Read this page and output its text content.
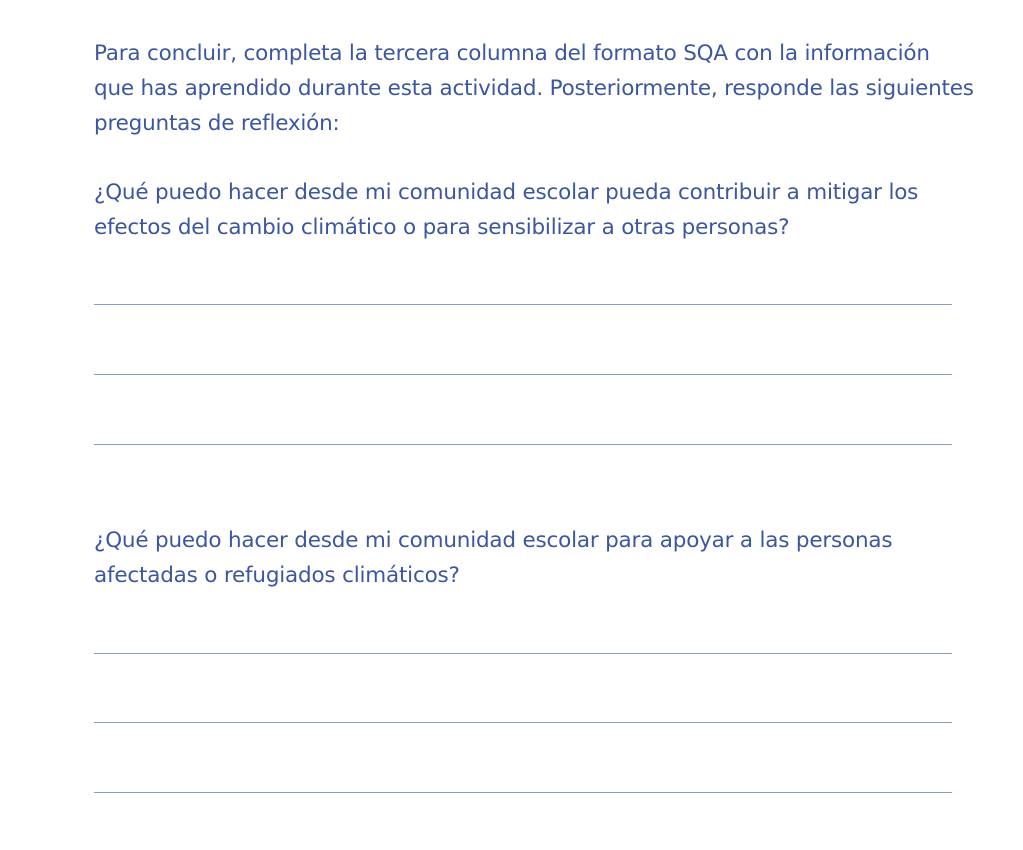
Para concluir, completa la tercera columna del formato SQA con la información que has aprendido durante esta actividad. Posteriormente, responde las siguientes preguntas de reflexión:

¿Qué puedo hacer desde mi comunidad escolar pueda contribuir a mitigar los efectos del cambio climático o para sensibilizar a otras personas?

¿Qué puedo hacer desde mi comunidad escolar para apoyar a las personas afectadas o refugiados climáticos?
